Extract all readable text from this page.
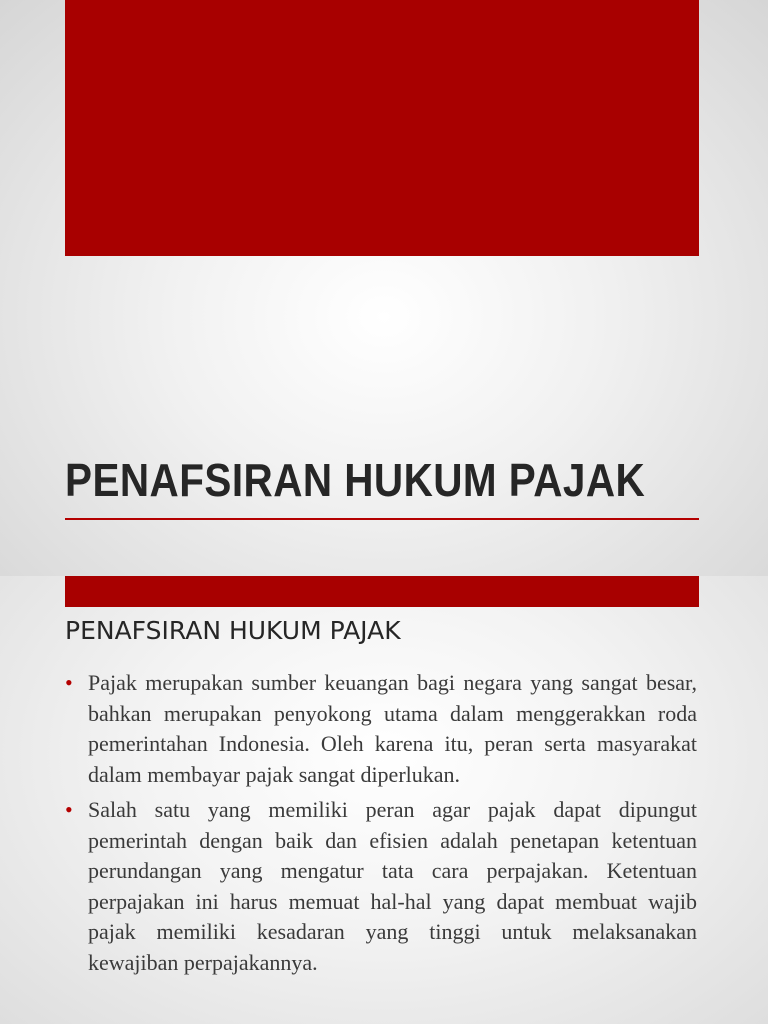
PENAFSIRAN HUKUM PAJAK
PENAFSIRAN HUKUM PAJAK
• Pajak merupakan sumber keuangan bagi negara yang sangat besar, bahkan merupakan penyokong utama dalam menggerakkan roda pemerintahan Indonesia. Oleh karena itu, peran serta masyarakat dalam membayar pajak sangat diperlukan.
• Salah satu yang memiliki peran agar pajak dapat dipungut pemerintah dengan baik dan efisien adalah penetapan ketentuan perundangan yang mengatur tata cara perpajakan. Ketentuan perpajakan ini harus memuat hal-hal yang dapat membuat wajib pajak memiliki kesadaran yang tinggi untuk melaksanakan kewajiban perpajakannya.
